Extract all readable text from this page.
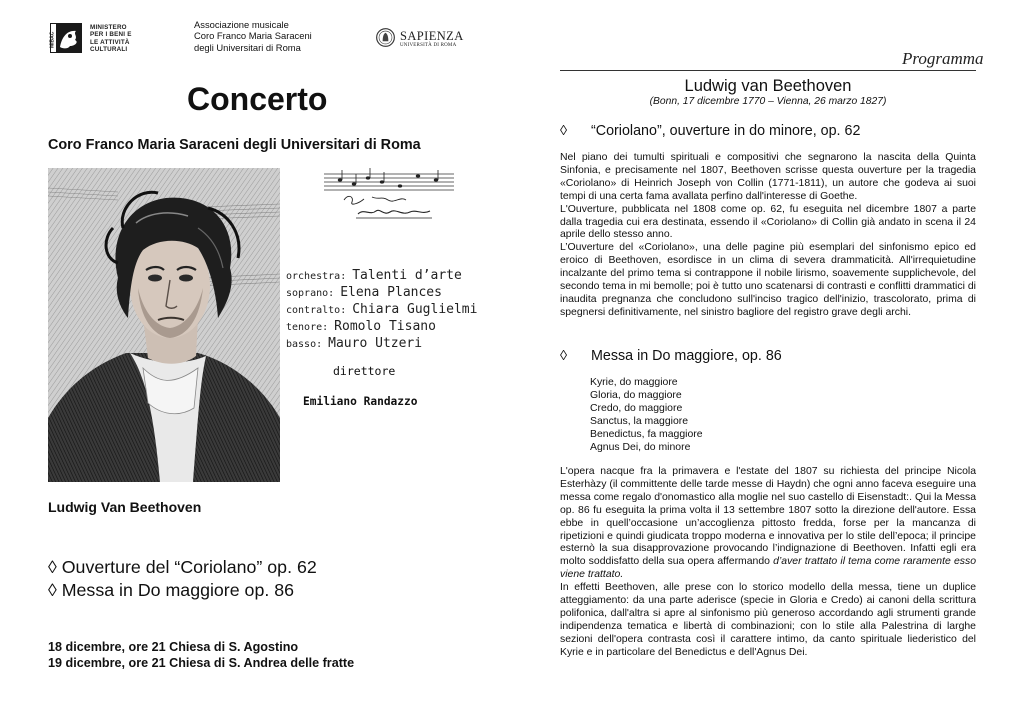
MIBAC
MINISTERO
PER I BENI E
LE ATTIVITÀ
CULTURALI
Associazione musicale
Coro Franco Maria Saraceni
degli Universitari di Roma
SAPIENZA
UNIVERSITÀ DI ROMA
Concerto
Coro Franco Maria Saraceni degli Universitari di Roma
orchestra: Talenti d’arte
soprano: Elena Plances
contralto: Chiara Guglielmi
tenore: Romolo Tisano
basso: Mauro Utzeri
direttore
Emiliano Randazzo
Ludwig Van Beethoven
◊ Ouverture del “Coriolano” op. 62
◊ Messa in Do maggiore op. 86
18 dicembre, ore 21 Chiesa di S. Agostino
19 dicembre, ore 21 Chiesa di S. Andrea delle fratte
Programma
Ludwig van Beethoven
(Bonn, 17 dicembre 1770 – Vienna, 26 marzo 1827)
◊ “Coriolano”, ouverture in do minore, op. 62

Nel piano dei tumulti spirituali e compositivi che segnarono la nascita della Quinta Sinfonia, e precisamente nel 1807, Beethoven scrisse questa ouverture per la tragedia «Coriolano» di Heinrich Joseph von Collin (1771-1811), un autore che godeva ai suoi tempi di una certa fama avallata perfino dall'interesse di Goethe.

L'Ouverture, pubblicata nel 1808 come op. 62, fu eseguita nel dicembre 1807 a parte dalla tragedia cui era destinata, essendo il «Coriolano» di Collin già andato in scena il 24 aprile dello stesso anno.

L’Ouverture del «Coriolano», una delle pagine più esemplari del sinfonismo epico ed eroico di Beethoven, esordisce in un clima di severa drammaticità. All'irrequietudine incalzante del primo tema si contrappone il nobile lirismo, soavemente supplichevole, del secondo tema in mi bemolle; poi è tutto uno scatenarsi di contrasti e conflitti drammatici di inaudita pregnanza che concludono sull'inciso tragico dell'inizio, trascolorato, prima di spegnersi definitivamente, nel sinistro bagliore del registro grave degli archi.

◊ Messa in Do maggiore, op. 86
Kyrie, do maggiore
Gloria, do maggiore
Credo, do maggiore
Sanctus, la maggiore
Benedictus, fa maggiore
Agnus Dei, do minore

L'opera nacque fra la primavera e l'estate del 1807 su richiesta del principe Nicola Esterhàzy (il committente delle tarde messe di Haydn) che ogni anno faceva eseguire una messa come regalo d'onomastico alla moglie nel suo castello di Eisenstadt:. Qui la Messa op. 86 fu eseguita la prima volta il 13 settembre 1807 sotto la direzione dell'autore. Essa ebbe in quell’occasione un’accoglienza pittosto fredda, forse per la mancanza di ripetizioni e quindi giudicata troppo moderna e innovativa per lo stile dell’epoca; il principe esternò la sua disapprovazione provocando l’indignazione di Beethoven. Infatti egli era molto soddisfatto della sua opera affermando d’aver trattato il tema come raramente esso viene trattato.

In effetti Beethoven, alle prese con lo storico modello della messa, tiene un duplice atteggiamento: da una parte aderisce (specie in Gloria e Credo) ai canoni della scrittura polifonica, dall'altra si apre al sinfonismo più generoso accordando agli strumenti grande indipendenza tematica e libertà di combinazioni; con lo stile alla Palestrina di larghe sezioni dell'opera contrasta così il carattere intimo, da canto spirituale liederistico del Kyrie e in particolare del Benedictus e dell'Agnus Dei.
